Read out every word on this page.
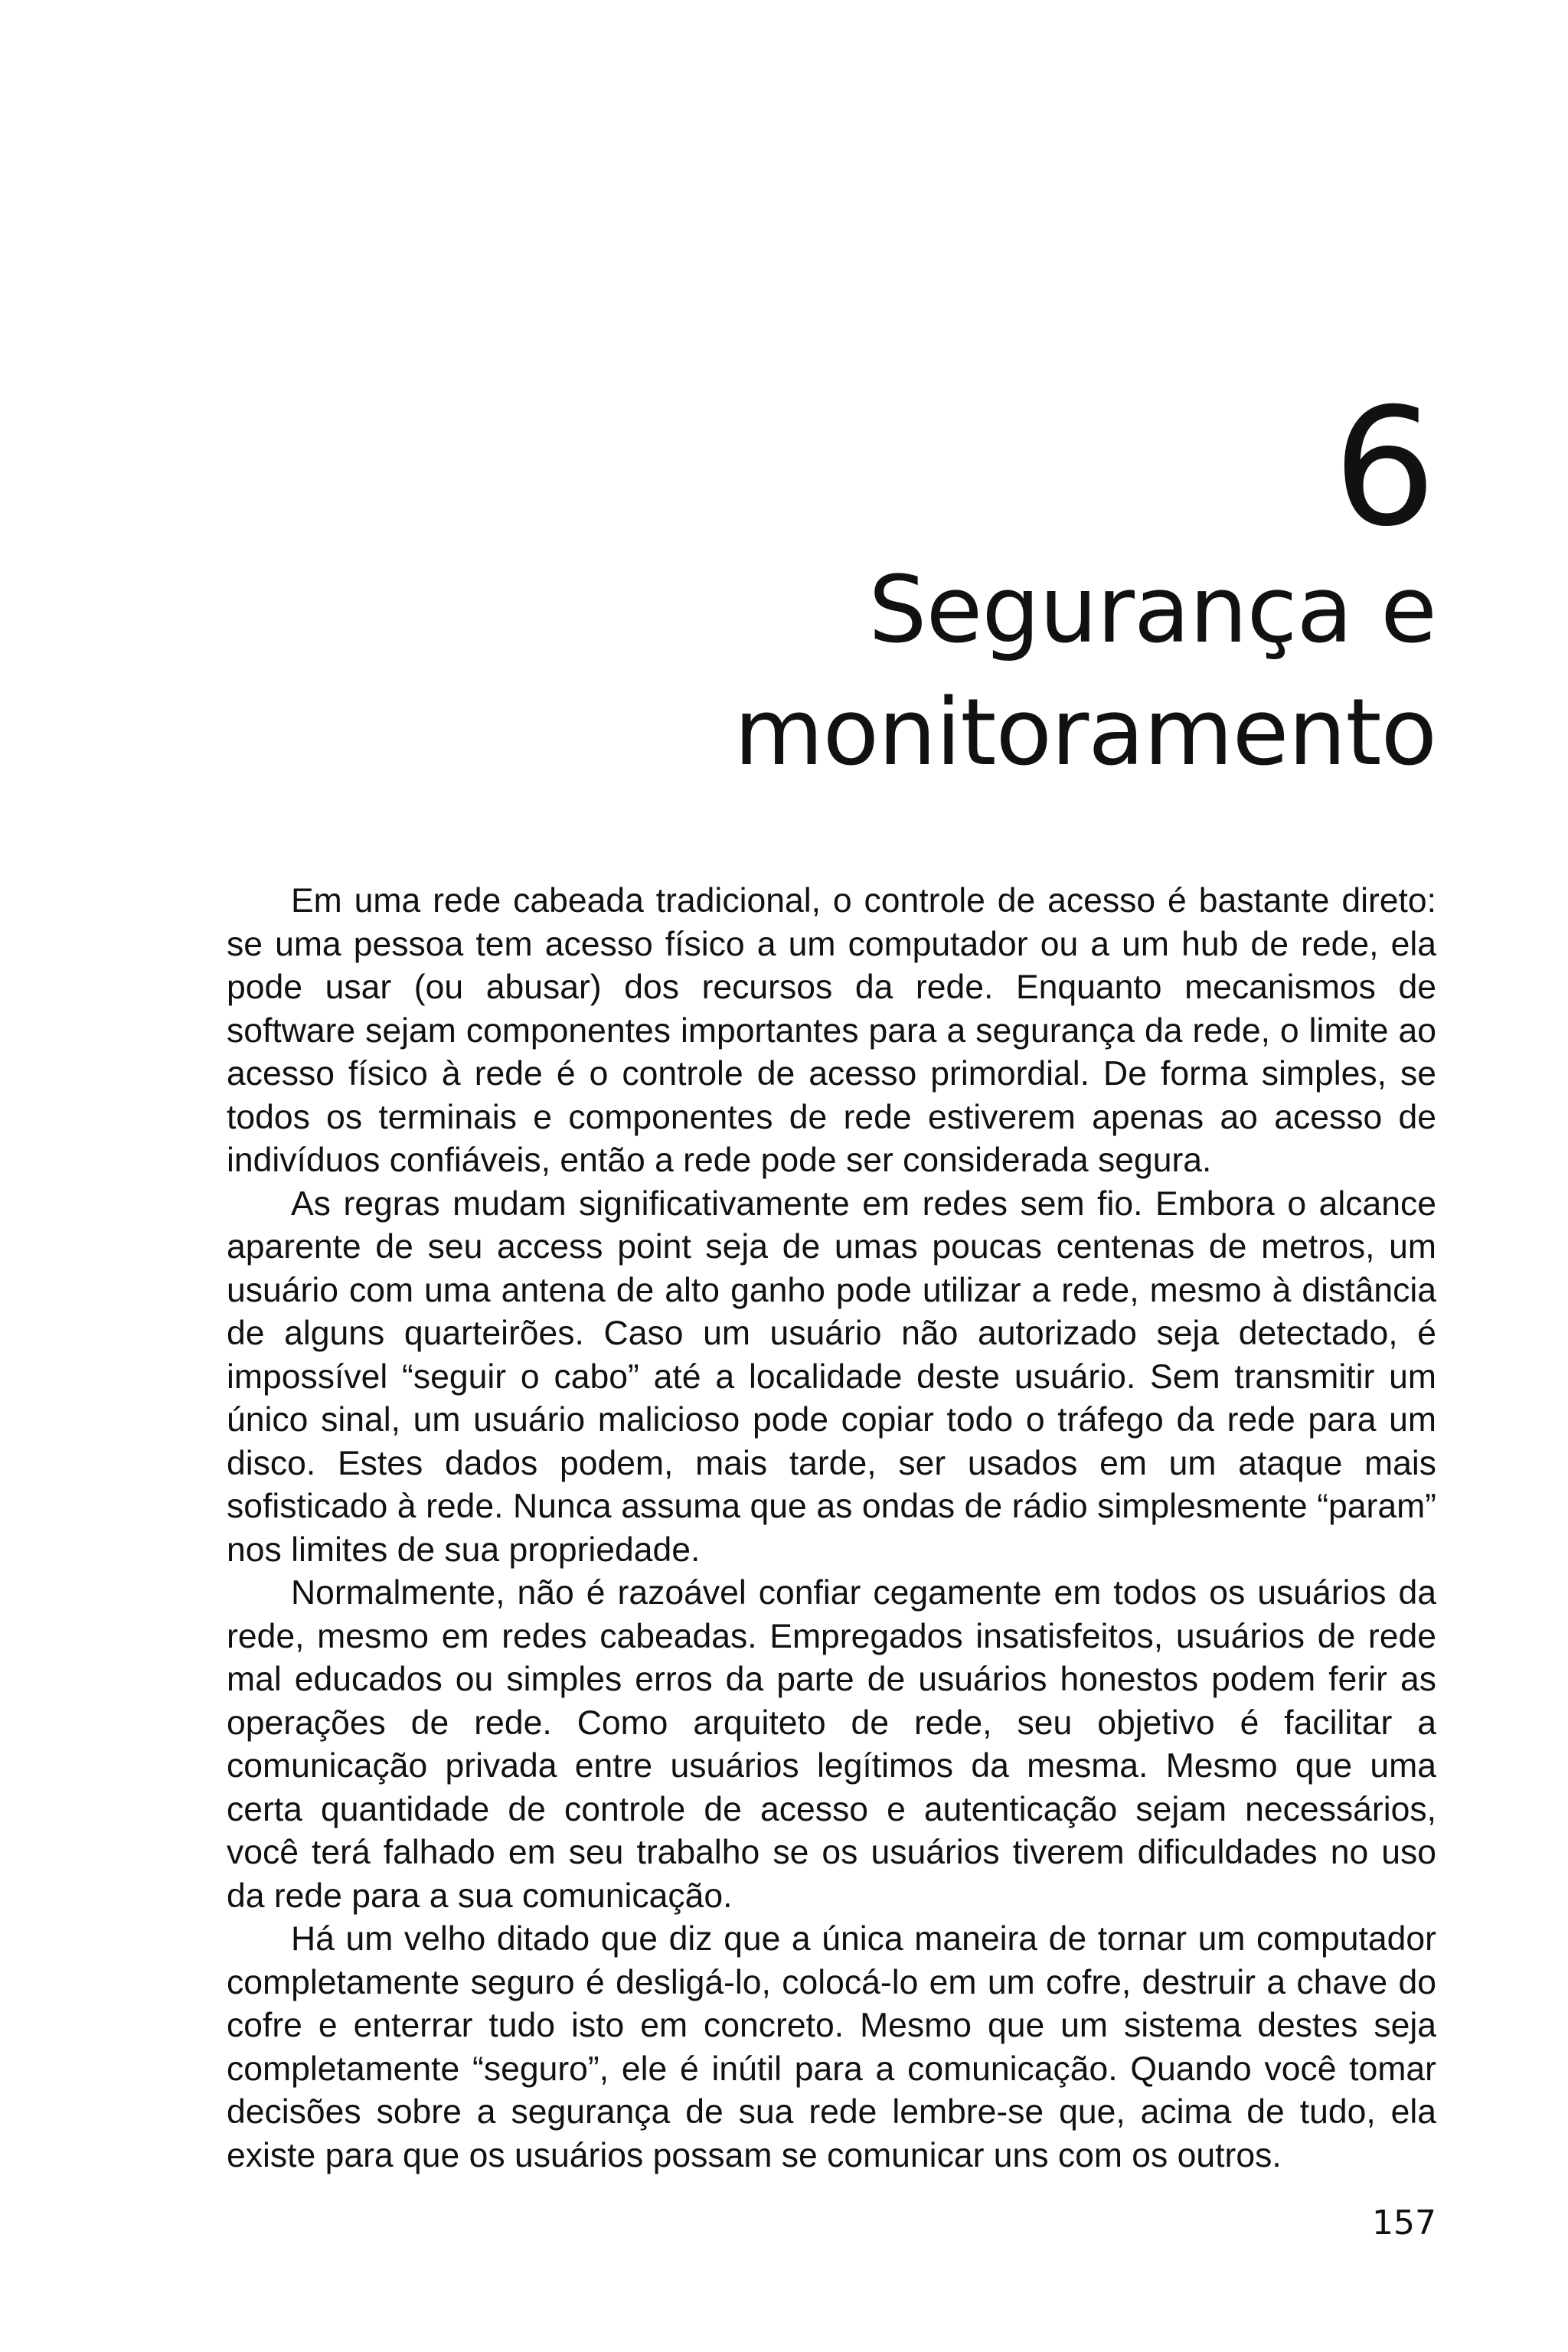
6
Segurança e
monitoramento

Em uma rede cabeada tradicional, o controle de acesso é bastante direto: se uma pessoa tem acesso físico a um computador ou a um hub de rede, ela pode usar (ou abusar) dos recursos da rede. Enquanto mecanismos de software sejam componentes importantes para a segurança da rede, o limite ao acesso físico à rede é o controle de acesso primordial. De forma simples, se todos os terminais e componentes de rede estiverem apenas ao acesso de indivíduos confiáveis, então a rede pode ser considerada segura.

As regras mudam significativamente em redes sem fio. Embora o alcance aparente de seu access point seja de umas poucas centenas de metros, um usuário com uma antena de alto ganho pode utilizar a rede, mesmo à distância de alguns quarteirões. Caso um usuário não autorizado seja detectado, é impossível “seguir o cabo” até a localidade deste usuário. Sem transmitir um único sinal, um usuário malicioso pode copiar todo o tráfego da rede para um disco. Estes dados podem, mais tarde, ser usados em um ataque mais sofisticado à rede. Nunca assuma que as ondas de rádio simplesmente “param” nos limites de sua propriedade.

Normalmente, não é razoável confiar cegamente em todos os usuários da rede, mesmo em redes cabeadas. Empregados insatisfeitos, usuários de rede mal educados ou simples erros da parte de usuários honestos podem ferir as operações de rede. Como arquiteto de rede, seu objetivo é facilitar a comunicação privada entre usuários legítimos da mesma. Mesmo que uma certa quantidade de controle de acesso e autenticação sejam necessários, você terá falhado em seu trabalho se os usuários tiverem dificuldades no uso da rede para a sua comunicação.

Há um velho ditado que diz que a única maneira de tornar um computador completamente seguro é desligá-lo, colocá-lo em um cofre, destruir a chave do cofre e enterrar tudo isto em concreto. Mesmo que um sistema destes seja completamente “seguro”, ele é inútil para a comunicação. Quando você tomar decisões sobre a segurança de sua rede lembre-se que, acima de tudo, ela existe para que os usuários possam se comunicar uns com os outros.

157
